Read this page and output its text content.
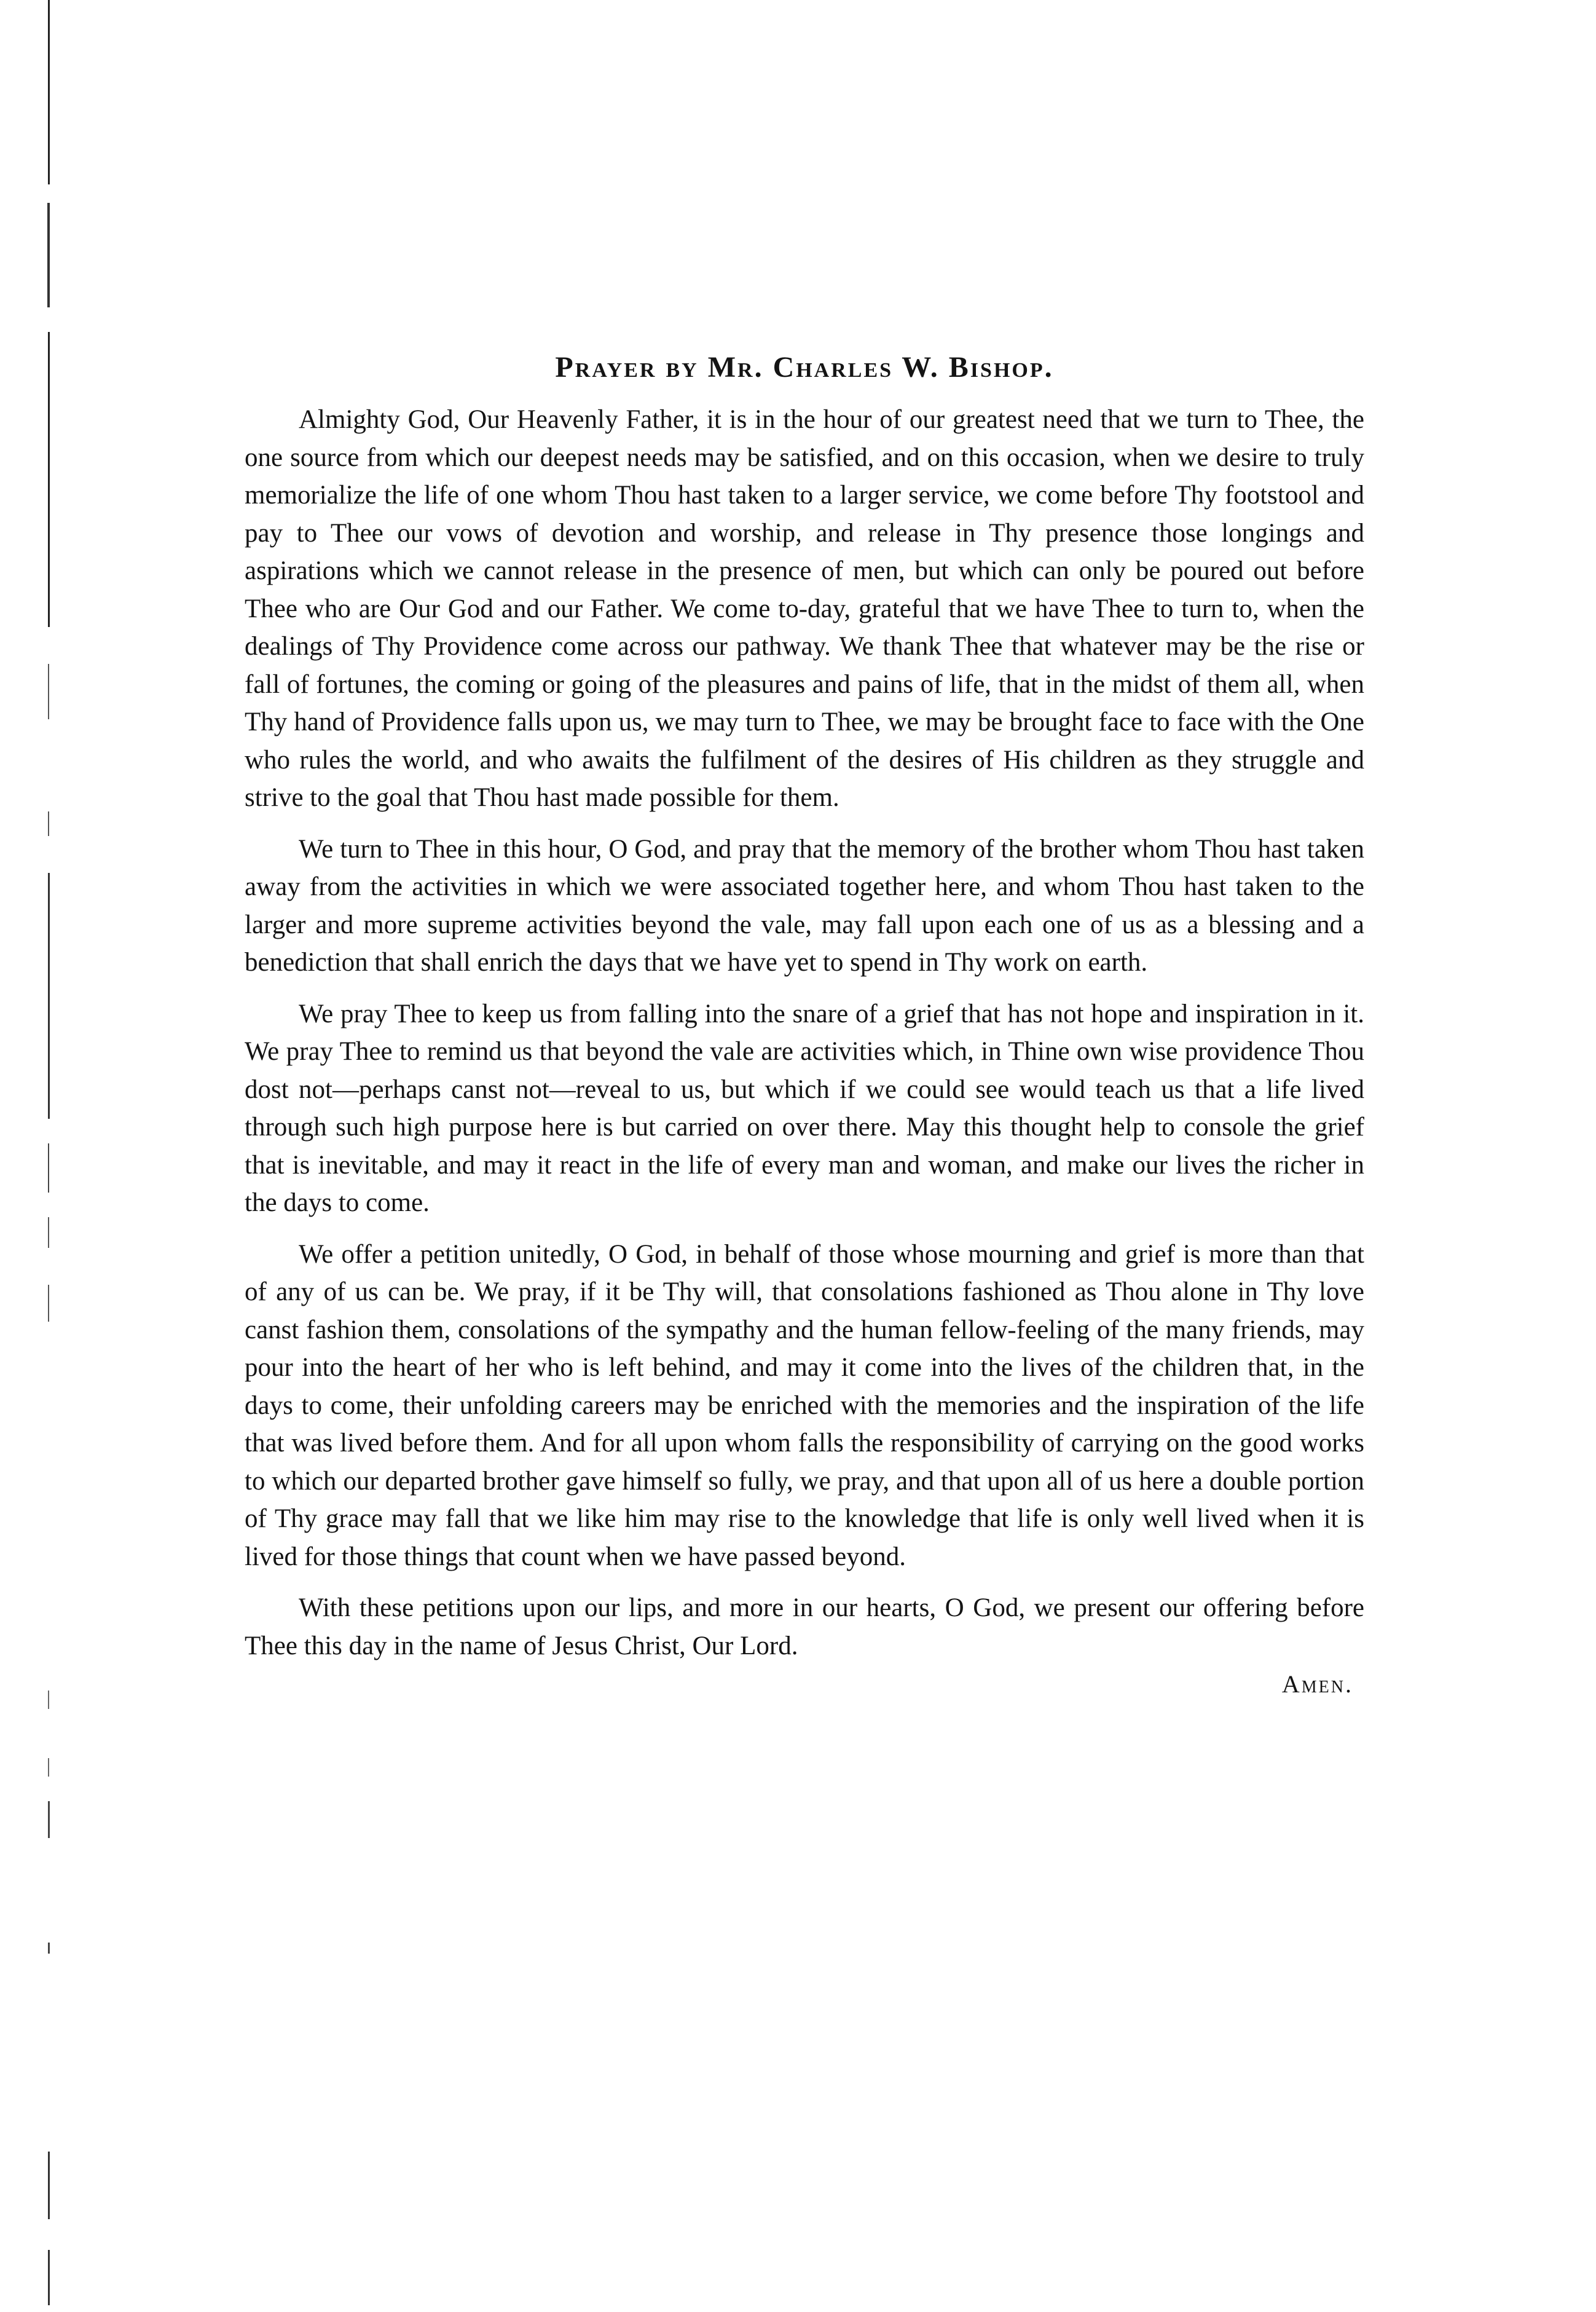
Prayer by Mr. Charles W. Bishop.

Almighty God, Our Heavenly Father, it is in the hour of our greatest need that we turn to Thee, the one source from which our deepest needs may be satisfied, and on this occasion, when we desire to truly memorialize the life of one whom Thou hast taken to a larger service, we come before Thy footstool and pay to Thee our vows of devotion and worship, and release in Thy presence those longings and aspirations which we cannot release in the presence of men, but which can only be poured out before Thee who are Our God and our Father. We come to-day, grateful that we have Thee to turn to, when the dealings of Thy Providence come across our pathway. We thank Thee that whatever may be the rise or fall of fortunes, the coming or going of the pleasures and pains of life, that in the midst of them all, when Thy hand of Providence falls upon us, we may turn to Thee, we may be brought face to face with the One who rules the world, and who awaits the fulfilment of the desires of His children as they struggle and strive to the goal that Thou hast made possible for them.

We turn to Thee in this hour, O God, and pray that the memory of the brother whom Thou hast taken away from the activities in which we were associated together here, and whom Thou hast taken to the larger and more supreme activities beyond the vale, may fall upon each one of us as a blessing and a benediction that shall enrich the days that we have yet to spend in Thy work on earth.

We pray Thee to keep us from falling into the snare of a grief that has not hope and inspiration in it. We pray Thee to remind us that beyond the vale are activities which, in Thine own wise providence Thou dost not—perhaps canst not—reveal to us, but which if we could see would teach us that a life lived through such high purpose here is but carried on over there. May this thought help to console the grief that is inevitable, and may it react in the life of every man and woman, and make our lives the richer in the days to come.

We offer a petition unitedly, O God, in behalf of those whose mourning and grief is more than that of any of us can be. We pray, if it be Thy will, that consolations fashioned as Thou alone in Thy love canst fashion them, consolations of the sympathy and the human fellow-feeling of the many friends, may pour into the heart of her who is left behind, and may it come into the lives of the children that, in the days to come, their unfolding careers may be enriched with the memories and the inspiration of the life that was lived before them. And for all upon whom falls the responsibility of carrying on the good works to which our departed brother gave himself so fully, we pray, and that upon all of us here a double portion of Thy grace may fall that we like him may rise to the knowledge that life is only well lived when it is lived for those things that count when we have passed beyond.

With these petitions upon our lips, and more in our hearts, O God, we present our offering before Thee this day in the name of Jesus Christ, Our Lord.

Amen.
